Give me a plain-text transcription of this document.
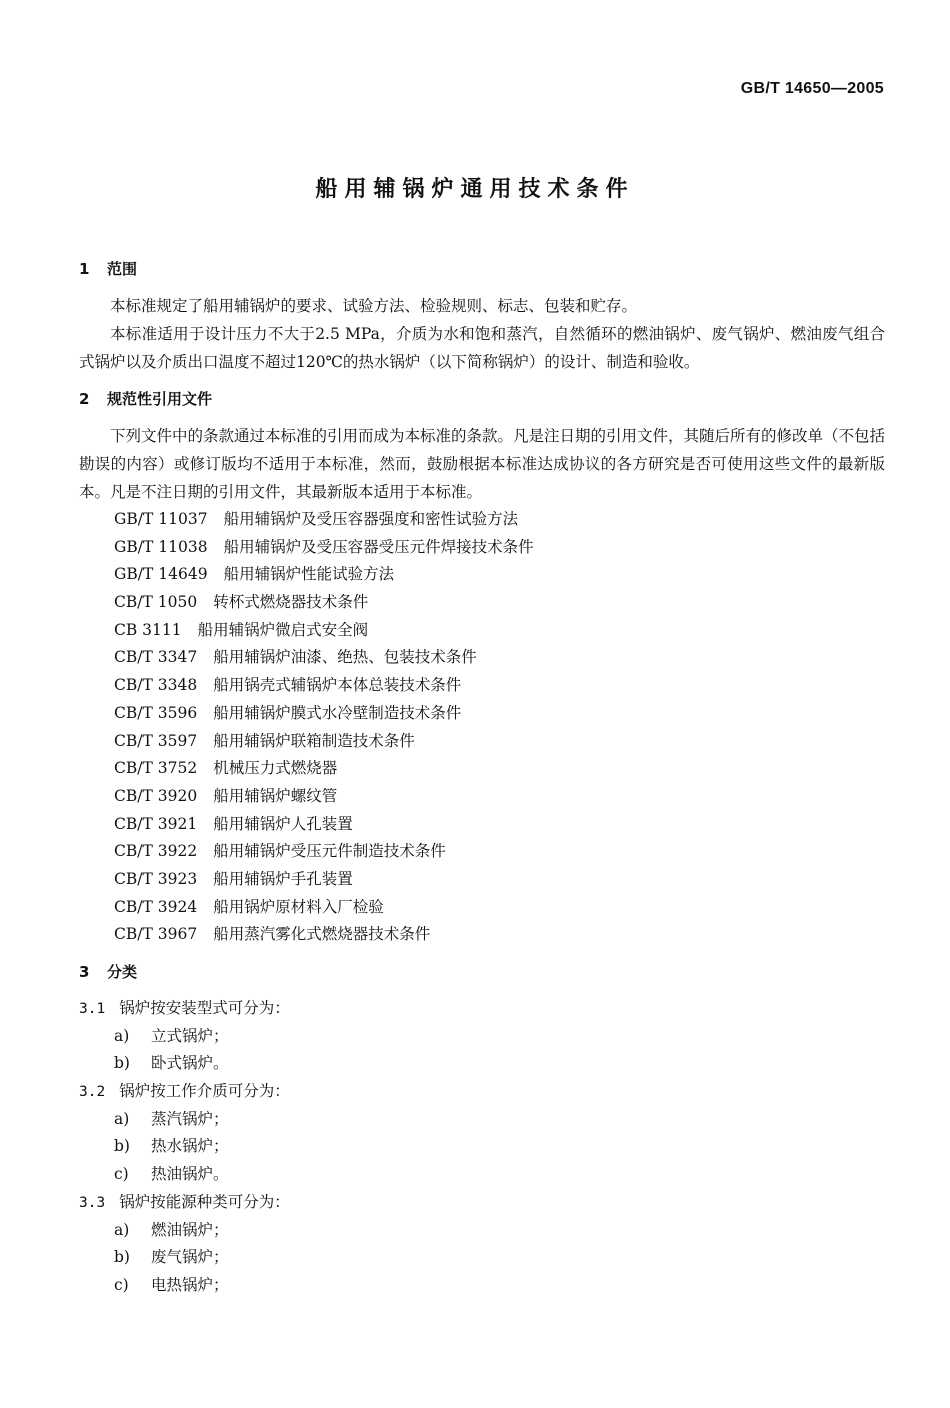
GB/T 14650—2005
船用辅锅炉通用技术条件
1 范围
本标准规定了船用辅锅炉的要求、试验方法、检验规则、标志、包装和贮存。
本标准适用于设计压力不大于2.5 MPa，介质为水和饱和蒸汽，自然循环的燃油锅炉、废气锅炉、燃油废气组合式锅炉以及介质出口温度不超过120℃的热水锅炉（以下简称锅炉）的设计、制造和验收。
2 规范性引用文件
下列文件中的条款通过本标准的引用而成为本标准的条款。凡是注日期的引用文件，其随后所有的修改单（不包括勘误的内容）或修订版均不适用于本标准，然而，鼓励根据本标准达成协议的各方研究是否可使用这些文件的最新版本。凡是不注日期的引用文件，其最新版本适用于本标准。
GB/T 11037 船用辅锅炉及受压容器强度和密性试验方法
GB/T 11038 船用辅锅炉及受压容器受压元件焊接技术条件
GB/T 14649 船用辅锅炉性能试验方法
CB/T 1050 转杯式燃烧器技术条件
CB 3111 船用辅锅炉微启式安全阀
CB/T 3347 船用辅锅炉油漆、绝热、包装技术条件
CB/T 3348 船用锅壳式辅锅炉本体总装技术条件
CB/T 3596 船用辅锅炉膜式水冷壁制造技术条件
CB/T 3597 船用辅锅炉联箱制造技术条件
CB/T 3752 机械压力式燃烧器
CB/T 3920 船用辅锅炉螺纹管
CB/T 3921 船用辅锅炉人孔装置
CB/T 3922 船用辅锅炉受压元件制造技术条件
CB/T 3923 船用辅锅炉手孔装置
CB/T 3924 船用锅炉原材料入厂检验
CB/T 3967 船用蒸汽雾化式燃烧器技术条件
3 分类
3.1 锅炉按安装型式可分为：
a) 立式锅炉；
b) 卧式锅炉。
3.2 锅炉按工作介质可分为：
a) 蒸汽锅炉；
b) 热水锅炉；
c) 热油锅炉。
3.3 锅炉按能源种类可分为：
a) 燃油锅炉；
b) 废气锅炉；
c) 电热锅炉；
